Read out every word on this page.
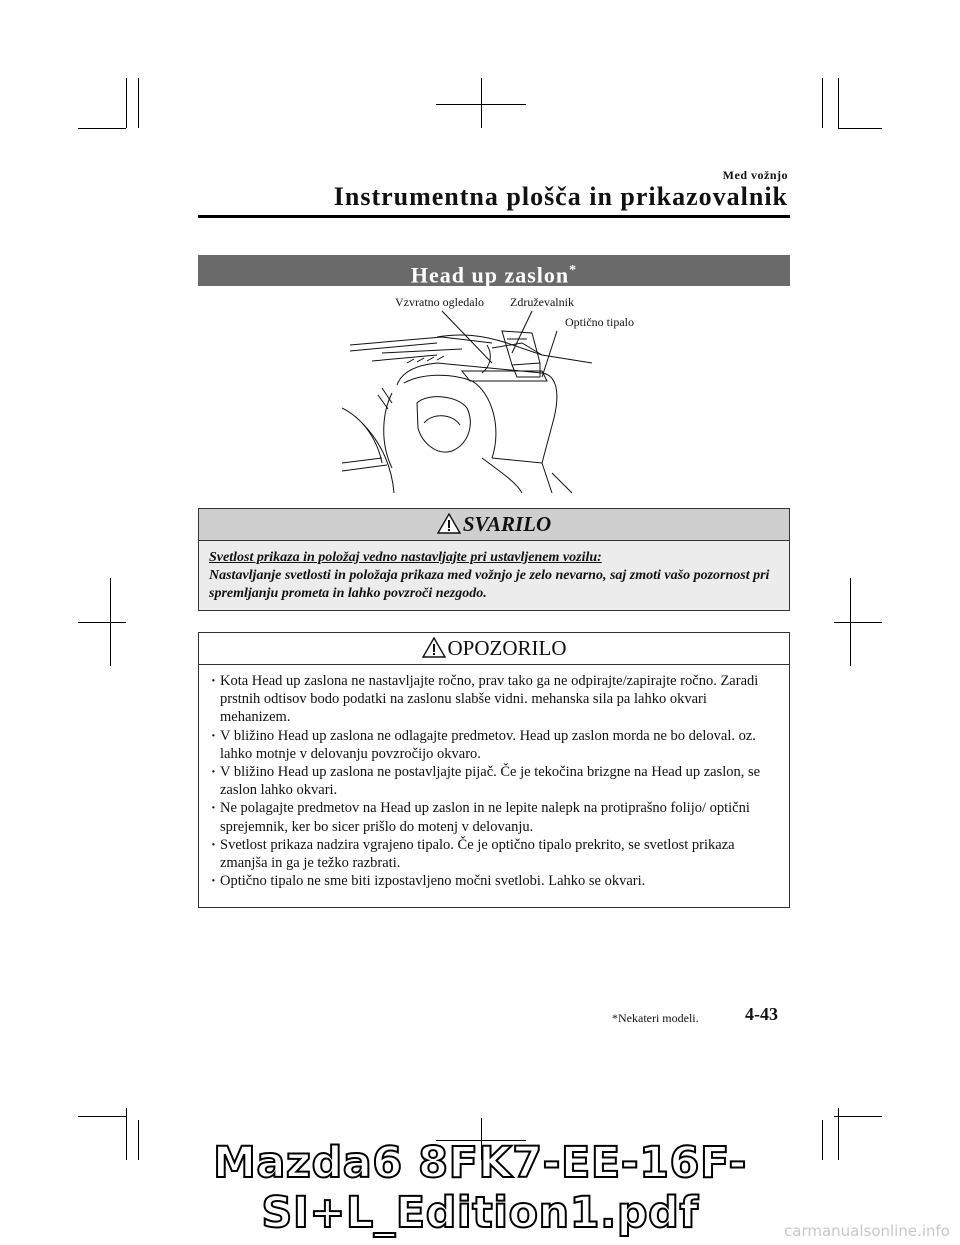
Med vožnjo
Instrumentna plošča in prikazovalnik
Head up zaslon*
Vzvratno ogledalo Združevalnik
Optično tipalo
SVARILO
Svetlost prikaza in položaj vedno nastavljajte pri ustavljenem vozilu:
Nastavljanje svetlosti in položaja prikaza med vožnjo je zelo nevarno, saj zmoti vašo pozornost pri spremljanju prometa in lahko povzroči nezgodo.
OPOZORILO
· Kota Head up zaslona ne nastavljajte ročno, prav tako ga ne odpirajte/zapirajte ročno. Zaradi prstnih odtisov bodo podatki na zaslonu slabše vidni. mehanska sila pa lahko okvari mehanizem.
· V bližino Head up zaslona ne odlagajte predmetov. Head up zaslon morda ne bo deloval. oz. lahko motnje v delovanju povzročijo okvaro.
· V bližino Head up zaslona ne postavljajte pijač. Če je tekočina brizgne na Head up zaslon, se zaslon lahko okvari.
· Ne polagajte predmetov na Head up zaslon in ne lepite nalepk na protiprašno folijo/ optični sprejemnik, ker bo sicer prišlo do motenj v delovanju.
· Svetlost prikaza nadzira vgrajeno tipalo. Če je optično tipalo prekrito, se svetlost prikaza zmanjša in ga je težko razbrati.
· Optično tipalo ne sme biti izpostavljeno močni svetlobi. Lahko se okvari.
*Nekateri modeli.	4-43
Mazda6 8FK7-EE-16F-SI+L_Edition1.pdf	carmanualsonline.info
